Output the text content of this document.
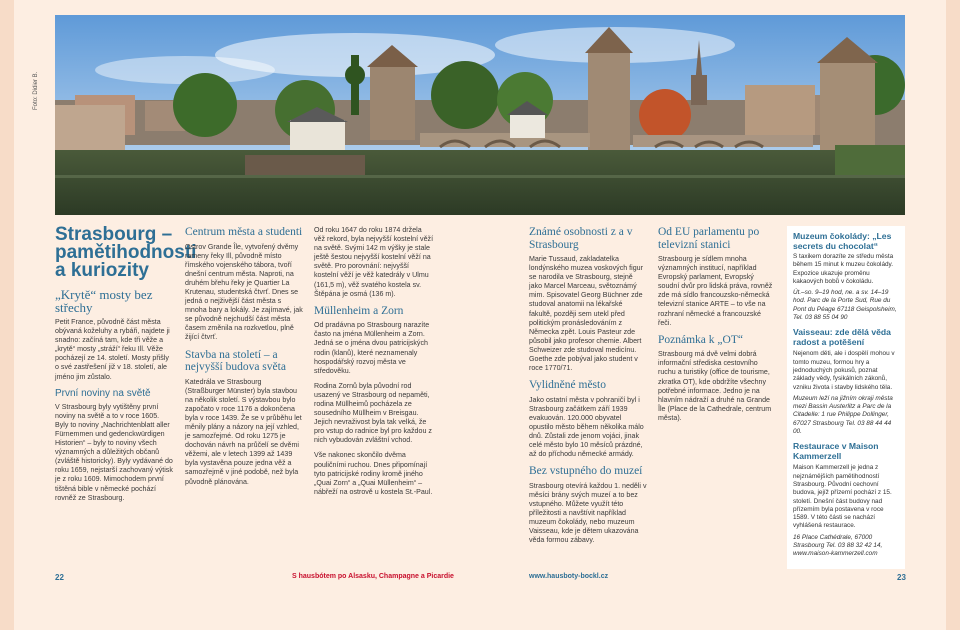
Foto: Didier B.
Strasbourg – pamětihodnosti a kuriozity
„Krytě“ mosty bez střechy

Petit France, původně část města obývaná koželuhy a rybáři, najdete ji snadno: začíná tam, kde tři věže a „krytě“ mosty „stráží“ řeku Ill. Věže pocházejí ze 14. století. Mosty přišly o své zastřešení již v 18. století, ale jméno jim zůstalo.

První noviny na světě

V Strasbourg byly vytištěny první noviny na světě a to v roce 1605. Byly to noviny „Nachrichtenblatt aller Fürnemmen und gedenckwürdigen Historien“ – byly to noviny všech významných a důležitých občanů (zvláště historicky). Byly vydávané do roku 1659, nejstarší zachovaný výtisk je z roku 1609. Mimochodem první tištěná bible v německé pochází rovněž ze Strasbourg.

Centrum města a studenti

Ostrov Grande Île, vytvořený dvěmy rameny řeky Ill, původně místo římského vojenského tábora, tvoří dnešní centrum města. Naproti, na druhém břehu řeky je Quartier La Krutenau, studentská čtvrť. Dnes se jedná o nejživější část města s mnoha bary a lokály. Je zajímavé, jak se původně nejchudší část města časem změnila na rozkvetlou, plně žijící čtvrť.

Stavba na století – a nejvyšší budova světa

Katedrála ve Strasbourg (Straßburger Münster) byla stavbou na několik století. S výstavbou bylo započato v roce 1176 a dokončena byla v roce 1439. Že se v průběhu let měnily plány a názory na její vzhled, je samozřejmé. Od roku 1275 je dochován návrh na průčelí se dvěmi věžemi, ale v letech 1399 až 1439 byla vystavěna pouze jedna věž a samozřejmě v jiné podobě, než byla původně plánována.

Od roku 1647 do roku 1874 držela věž rekord, byla nejvyšší kostelní věží na světě. Svými 142 m výšky je stale ještě šestou nejvyšší kostelní věží na světě. Pro porovnání: nejvyšší kostelní věží je věž katedrály v Ulmu (161,5 m), věž svatého kostela sv. Štěpána je osmá (136 m).

Müllenheim a Zorn

Od pradávna po Strasbourg narazíte často na jména Müllenheim a Zorn. Jedná se o jména dvou patricijských rodin (klanů), které neznamenaly hospodářský rozvoj města ve středověku.

Rodina Zornů byla původní rod usazený ve Strasbourg od nepaměti, rodina Müllheimů pocházela ze sousedního Müllheim v Breisgau. Jejich nevraživost byla tak velká, že pro vstup do radnice byl pro každou z nich vybudován zvláštní vchod.

Vše nakonec skončilo dvěma pouličními ruchou. Dnes připomínají tyto patricijské rodiny kromě jiného „Quai Zorn“ a „Quai Müllenheim“ – nábřeží na ostrově u kostela St.-Paul.

Známé osobnosti z a v Strasbourg

Marie Tussaud, zakladatelka londýnského muzea voskových figur se narodila ve Strasbourg, stejně jako Marcel Marceau, světoznámý mim. Spisovatel Georg Büchner zde studoval anatomii na lékařské fakultě, později sem utekl před politickým pronásledováním z Německa zpět. Louis Pasteur zde působil jako profesor chemie. Albert Schweizer zde studoval medicínu. Goethe zde pobýval jako student v roce 1770/71.

Vylidněné město

Jako ostatní města v pohraničí byl i Strasbourg začátkem září 1939 evakuován. 120.000 obyvatel opustilo město během několika málo dnů. Zůstali zde jenom vojáci, jinak celé město bylo 10 měsíců prázdné, až do příchodu německé armády.

Bez vstupného do muzeí

Strasbourg otevírá každou 1. neděli v měsíci brány svých muzeí a to bez vstupného. Můžete využít této příležitosti a navštívit například muzeum čokolády, nebo muzeum Vaisseau, kde je dětem ukazována věda formou zábavy.

Od EU parlamentu po televizní stanici

Strasbourg je sídlem mnoha významných institucí, například Evropský parlament, Evropský soudní dvůr pro lidská práva, rovněž zde má sídlo francouzsko-německá televizní stanice ARTE – to vše na rozhraní německé a francouzské řeči.

Poznámka k „OT“

Strasbourg má dvě velmi dobrá informační střediska cestovního ruchu a turistiky (office de tourisme, zkratka OT), kde obdržíte všechny potřebné informace. Jedno je na hlavním nádraží a druhé na Grande Île (Place de la Cathedrale, centrum města).

Muzeum čokolády: „Les secrets du chocolat“

S taxikem dorazíte ze středu města během 15 minut k muzeu čokolády. Expozice ukazuje proměnu kakaových bobů v čokoládu.

Út.–so. 9–19 hod, ne. a sv. 14–19 hod. Parc de la Porte Sud, Rue du Pont du Péage 67118 Geispolsheim, Tel. 03 88 55 04 90

Vaisseau: zde dělá věda radost a potěšení

Nejenom děti, ale i dospělí mohou v tomto muzeu, formou hry a jednoduchých pokusů, poznat základy vědy, fysikálních zákonů, vzniku života i stavby lidského těla.

Muzeum leží na jižním okraji města mezi Bassin Austerlitz a Parc de la Citadelle: 1 rue Philippe Dollinger, 67027 Strasbourg Tel. 03 88 44 44 00.

Restaurace v Maison Kammerzell

Maison Kammerzell je jedna z nejznámějších pamětihodností Strasbourg. Původní cechovní budova, jejíž přízemí pochází z 15. století. Dnešní část budovy nad přízemím byla postavena v roce 1589. V této části se nachází vyhlášená restaurace.

16 Place Cathédrale, 67000 Strasbourg Tel. 03 88 32 42 14, www.maison-kammerzell.com

22	S hausbótem po Alsasku, Champagne a Picardie	www.hausboty-bockl.cz	23
